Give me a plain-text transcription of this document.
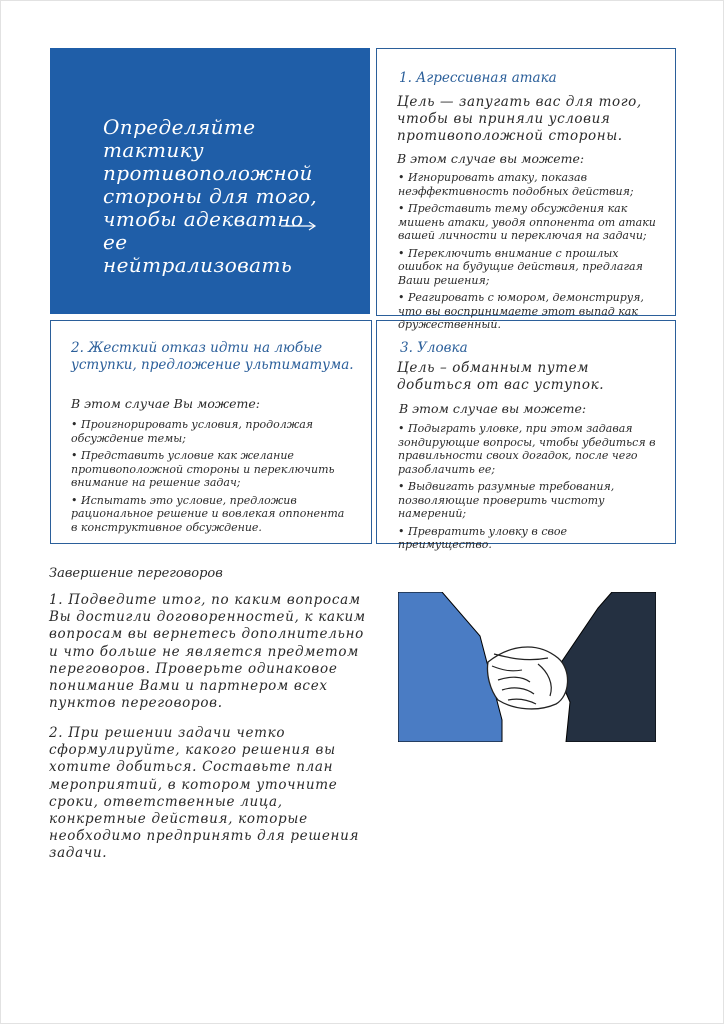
Определяйте
тактику
противоположной
стороны для того,
чтобы адекватно
ее
нейтрализовать
1. Агрессивная атака
Цель — запугать вас для того, чтобы вы приняли условия противоположной стороны.
В этом случае вы можете:
• Игнорировать атаку, показав неэффективность подобных действия;
• Представить тему обсуждения как мишень атаки, уводя оппонента от атаки вашей личности и переключая на задачи;
• Переключить внимание с прошлых ошибок на будущие действия, предлагая Ваши решения;
• Реагировать с юмором, демонстрируя, что вы воспринимаете этот выпад как дружественный.
2. Жесткий отказ идти на любые уступки, предложение ультиматума.
В этом случае Вы можете:
• Проигнорировать условия, продолжая обсуждение темы;
• Представить условие как желание противоположной стороны и переключить внимание на решение задач;
• Испытать это условие, предложив рациональное решение и вовлекая оппонента в конструктивное обсуждение.
3. Уловка
Цель – обманным путем добиться от вас уступок.
В этом случае вы можете:
• Подыграть уловке, при этом задавая зондирующие вопросы, чтобы убедиться в правильности своих догадок, после чего разоблачить ее;
• Выдвигать разумные требования, позволяющие проверить чистоту намерений;
• Превратить уловку в свое преимущество.
Завершение переговоров
1. Подведите итог, по каким вопросам Вы достигли договоренностей, к каким вопросам вы вернетесь дополнительно и что больше не является предметом переговоров. Проверьте одинаковое понимание Вами и партнером всех пунктов переговоров.
2. При решении задачи четко сформулируйте, какого решения вы хотите добиться. Составьте план мероприятий, в котором уточните сроки, ответственные лица, конкретные действия, которые необходимо предпринять для решения задачи.
